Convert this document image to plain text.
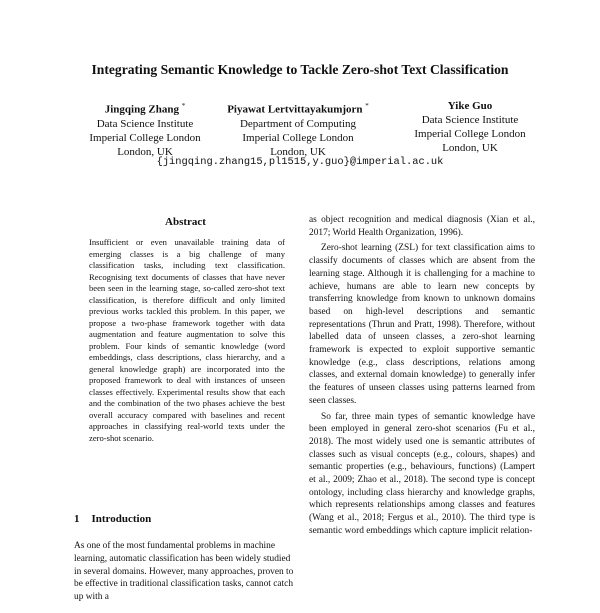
Integrating Semantic Knowledge to Tackle Zero-shot Text Classification
Jingqing Zhang *
Data Science Institute
Imperial College London
London, UK
Piyawat Lertvittayakumjorn *
Department of Computing
Imperial College London
London, UK
Yike Guo
Data Science Institute
Imperial College London
London, UK
{jingqing.zhang15,pl1515,y.guo}@imperial.ac.uk
Abstract

Insufficient or even unavailable training data of emerging classes is a big challenge of many classification tasks, including text classification. Recognising text documents of classes that have never been seen in the learning stage, so-called zero-shot text classification, is therefore difficult and only limited previous works tackled this problem. In this paper, we propose a two-phase framework together with data augmentation and feature augmentation to solve this problem. Four kinds of semantic knowledge (word embeddings, class descriptions, class hierarchy, and a general knowledge graph) are incorporated into the proposed framework to deal with instances of unseen classes effectively. Experimental results show that each and the combination of the two phases achieve the best overall accuracy compared with baselines and recent approaches in classifying real-world texts under the zero-shot scenario.

1 Introduction

As one of the most fundamental problems in machine learning, automatic classification has been widely studied in several domains. However, many approaches, proven to be effective in traditional classification tasks, cannot catch up with a

as object recognition and medical diagnosis (Xian et al., 2017; World Health Organization, 1996).

Zero-shot learning (ZSL) for text classification aims to classify documents of classes which are absent from the learning stage. Although it is challenging for a machine to achieve, humans are able to learn new concepts by transferring knowledge from known to unknown domains based on high-level descriptions and semantic representations (Thrun and Pratt, 1998). Therefore, without labelled data of unseen classes, a zero-shot learning framework is expected to exploit supportive semantic knowledge (e.g., class descriptions, relations among classes, and external domain knowledge) to generally infer the features of unseen classes using patterns learned from seen classes.

So far, three main types of semantic knowledge have been employed in general zero-shot scenarios (Fu et al., 2018). The most widely used one is semantic attributes of classes such as visual concepts (e.g., colours, shapes) and semantic properties (e.g., behaviours, functions) (Lampert et al., 2009; Zhao et al., 2018). The second type is concept ontology, including class hierarchy and knowledge graphs, which represents relationships among classes and features (Wang et al., 2018; Fergus et al., 2010). The third type is semantic word embeddings which capture implicit relation-
